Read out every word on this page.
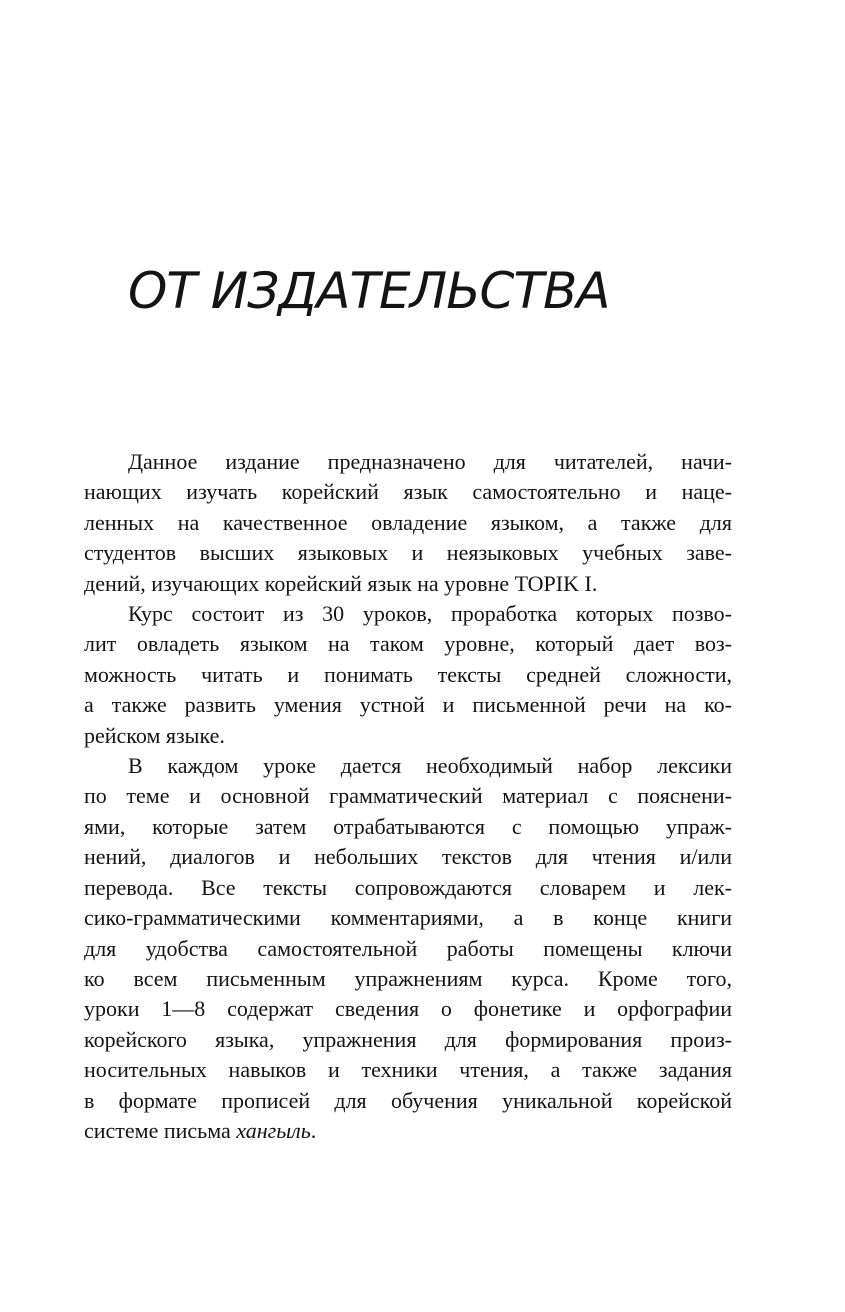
ОТ ИЗДАТЕЛЬСТВА

Данное издание предназначено для читателей, начи-
нающих изучать корейский язык самостоятельно и наце-
ленных на качественное овладение языком, а также для
студентов высших языковых и неязыковых учебных заве-
дений, изучающих корейский язык на уровне TOPIK I.

Курс состоит из 30 уроков, проработка которых позво-
лит овладеть языком на таком уровне, который дает воз-
можность читать и понимать тексты средней сложности,
а также развить умения устной и письменной речи на ко-
рейском языке.

В каждом уроке дается необходимый набор лексики
по теме и основной грамматический материал с пояснени-
ями, которые затем отрабатываются с помощью упраж-
нений, диалогов и небольших текстов для чтения и/или
перевода. Все тексты сопровождаются словарем и лек-
сико-грамматическими комментариями, а в конце книги
для удобства самостоятельной работы помещены ключи
ко всем письменным упражнениям курса. Кроме того,
уроки 1—8 содержат сведения о фонетике и орфографии
корейского языка, упражнения для формирования произ-
носительных навыков и техники чтения, а также задания
в формате прописей для обучения уникальной корейской
системе письма хангыль.
